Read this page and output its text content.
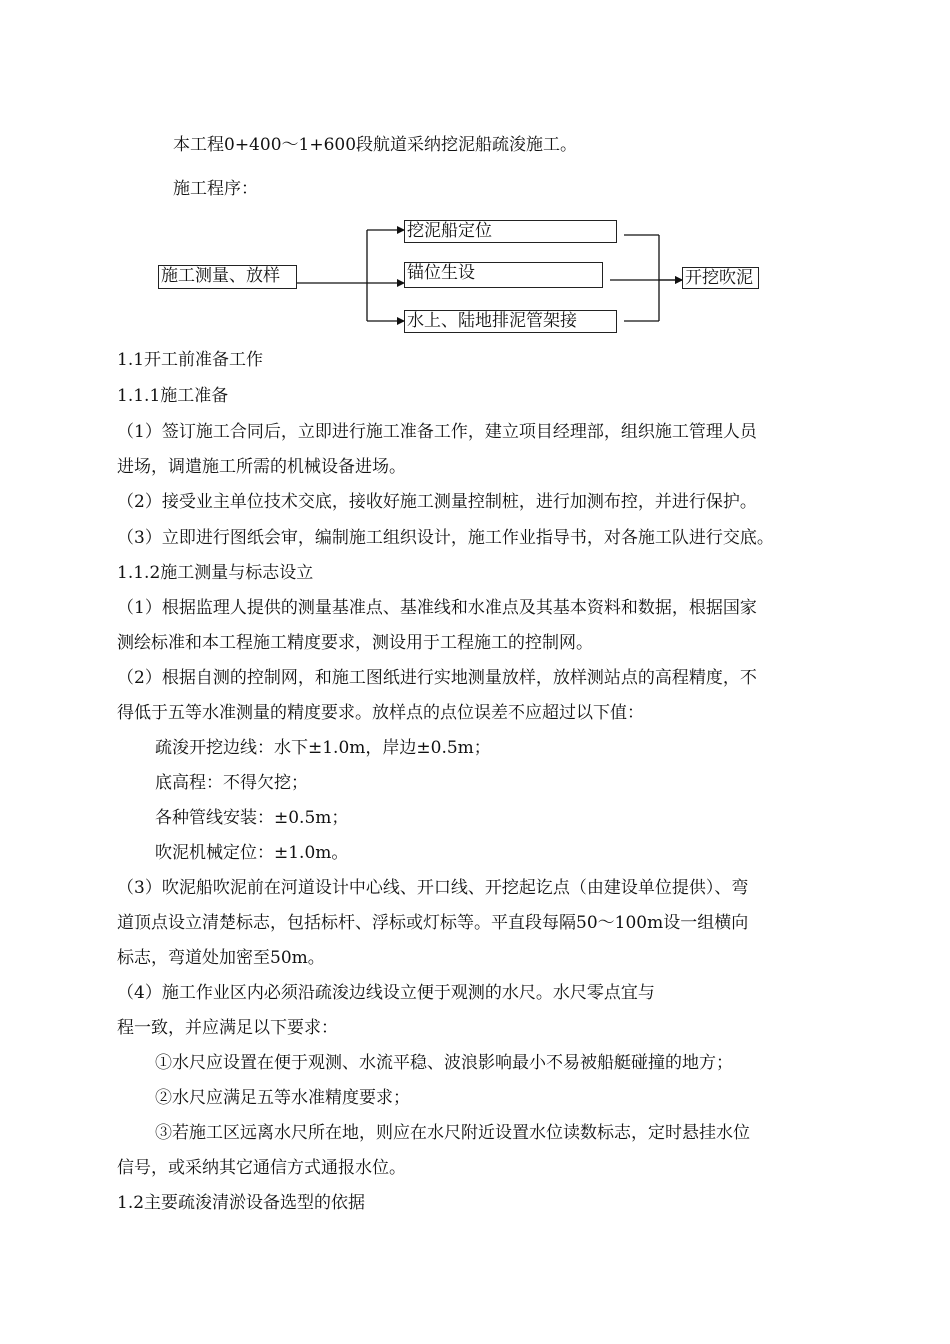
本工程0+400～1+600段航道采纳挖泥船疏浚施工。
施工程序：
施工测量、放样
挖泥船定位
锚位生设
水上、陆地排泥管架接
开挖吹泥
1.1开工前准备工作
1.1.1施工准备
（1）签订施工合同后，立即进行施工准备工作，建立项目经理部，组织施工管理人员
进场，调遣施工所需的机械设备进场。
（2）接受业主单位技术交底，接收好施工测量控制桩，进行加测布控，并进行保护。
（3）立即进行图纸会审，编制施工组织设计，施工作业指导书，对各施工队进行交底。
1.1.2施工测量与标志设立
（1）根据监理人提供的测量基准点、基准线和水准点及其基本资料和数据，根据国家
测绘标准和本工程施工精度要求，测设用于工程施工的控制网。
（2）根据自测的控制网，和施工图纸进行实地测量放样，放样测站点的高程精度，不
得低于五等水准测量的精度要求。放样点的点位误差不应超过以下值：
疏浚开挖边线：水下±1.0m，岸边±0.5m；
底高程：不得欠挖；
各种管线安装：±0.5m；
吹泥机械定位：±1.0m。
（3）吹泥船吹泥前在河道设计中心线、开口线、开挖起讫点（由建设单位提供）、弯
道顶点设立清楚标志，包括标杆、浮标或灯标等。平直段每隔50～100m设一组横向
标志，弯道处加密至50m。
（4）施工作业区内必须沿疏浚边线设立便于观测的水尺。水尺零点宜与
程一致，并应满足以下要求：
①水尺应设置在便于观测、水流平稳、波浪影响最小不易被船艇碰撞的地方；
②水尺应满足五等水准精度要求；
③若施工区远离水尺所在地，则应在水尺附近设置水位读数标志，定时悬挂水位
信号，或采纳其它通信方式通报水位。
1.2主要疏浚清淤设备选型的依据
